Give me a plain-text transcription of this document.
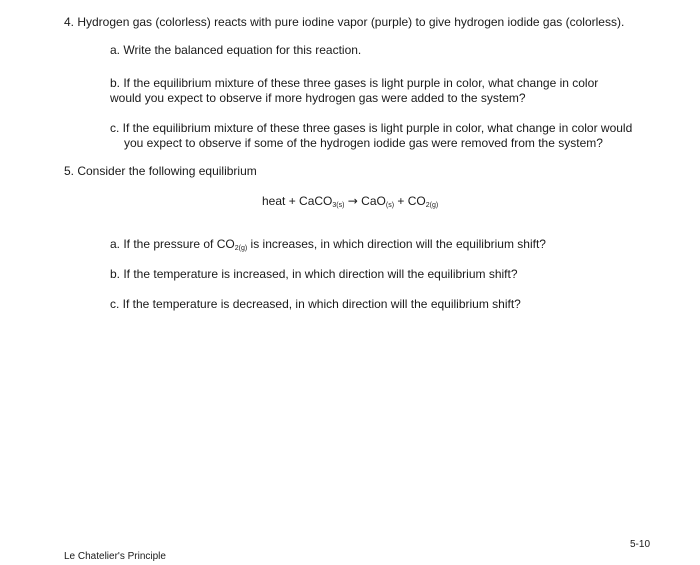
4. Hydrogen gas (colorless) reacts with pure iodine vapor (purple) to give hydrogen iodide gas (colorless).

a. Write the balanced equation for this reaction.

b. If the equilibrium mixture of these three gases is light purple in color, what change in color

would you expect to observe if more hydrogen gas were added to the system?

c. If the equilibrium mixture of these three gases is light purple in color, what change in color would

you expect to observe if some of the hydrogen iodide gas were removed from the system?

5. Consider the following equilibrium

heat + CaCO$_{3(s)}$ → $CaO_{(s)} + CO_{2(g)}$

a. If the pressure of $CO_{2(g)}$ is increases, in which direction will the equilibrium shift?

b. If the temperature is increased, in which direction will the equilibrium shift?

c. If the temperature is decreased, in which direction will the equilibrium shift?

5-10

Le Chatelier's Principle
